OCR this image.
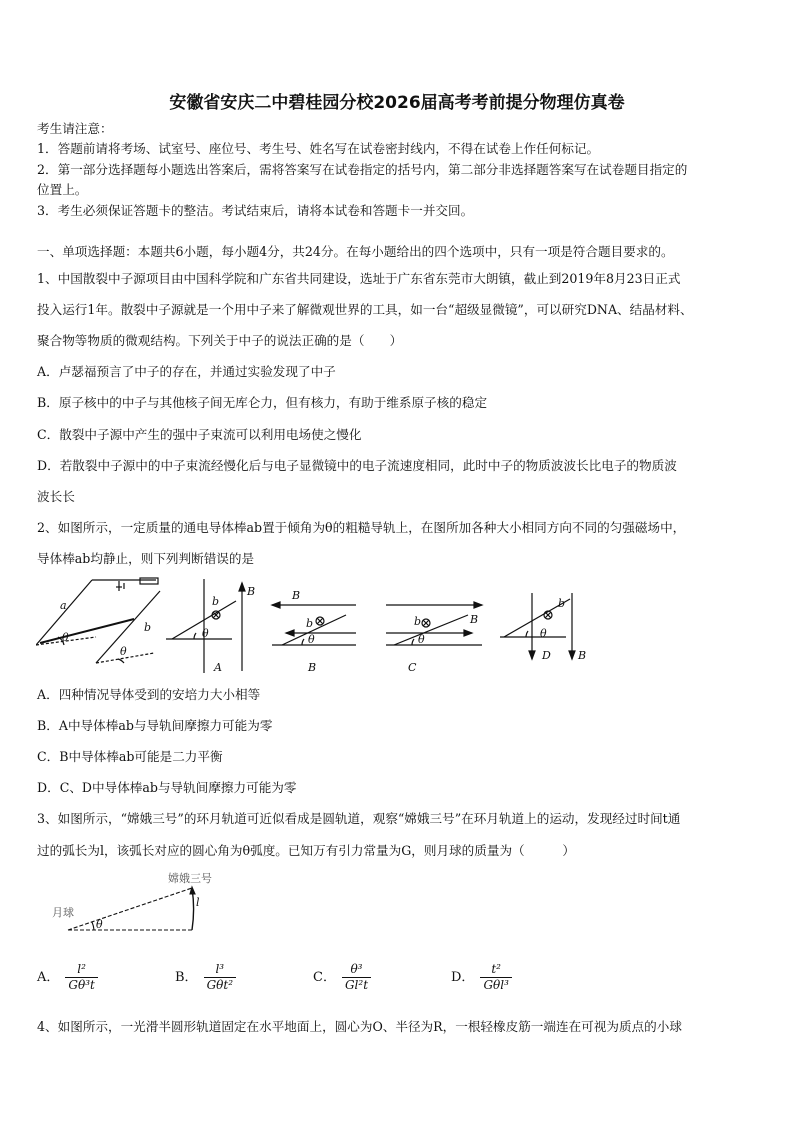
安徽省安庆二中碧桂园分校2026届高考考前提分物理仿真卷
考生请注意：
1．答题前请将考场、试室号、座位号、考生号、姓名写在试卷密封线内，不得在试卷上作任何标记。
2．第一部分选择题每小题选出答案后，需将答案写在试卷指定的括号内，第二部分非选择题答案写在试卷题目指定的
位置上。
3．考生必须保证答题卡的整洁。考试结束后，请将本试卷和答题卡一并交回。
一、单项选择题：本题共6小题，每小题4分，共24分。在每小题给出的四个选项中，只有一项是符合题目要求的。
1、中国散裂中子源项目由中国科学院和广东省共同建设，选址于广东省东莞市大朗镇，截止到2019年8月23日正式
投入运行1年。散裂中子源就是一个用中子来了解微观世界的工具，如一台“超级显微镜”，可以研究DNA、结晶材料、
聚合物等物质的微观结构。下列关于中子的说法正确的是（　　）
A．卢瑟福预言了中子的存在，并通过实验发现了中子
B．原子核中的中子与其他核子间无库仑力，但有核力，有助于维系原子核的稳定
C．散裂中子源中产生的强中子束流可以利用电场使之慢化
D．若散裂中子源中的中子束流经慢化后与电子显微镜中的电子流速度相同，此时中子的物质波波长比电子的物质波
波长长
2、如图所示，一定质量的通电导体棒ab置于倾角为θ的粗糙导轨上，在图所加各种大小相同方向不同的匀强磁场中，
导体棒ab均静止，则下列判断错误的是
a
b
θ
θ
B
b
θ
A
B
b
θ
B
b
θ
B
C
b
θ
D B
A．四种情况导体受到的安培力大小相等
B．A中导体棒ab与导轨间摩擦力可能为零
C．B中导体棒ab可能是二力平衡
D．C、D中导体棒ab与导轨间摩擦力可能为零
3、如图所示，“嫦娥三号”的环月轨道可近似看成是圆轨道，观察“嫦娥三号”在环月轨道上的运动，发现经过时间t通
过的弧长为l，该弧长对应的圆心角为θ弧度。已知万有引力常量为G，则月球的质量为（　　　）
嫦娥三号
月球
l
θ
A． $\frac{\text{l²}}{\text{Gθ³t}}$	B． $\frac{\text{l³}}{\text{Gθt²}}$	C． $\frac{\text{θ³}}{\text{Gl²t}}$	D． $\frac{\text{t²}}{\text{Gθl³}}$
4、如图所示，一光滑半圆形轨道固定在水平地面上，圆心为O、半径为R，一根轻橡皮筋一端连在可视为质点的小球
